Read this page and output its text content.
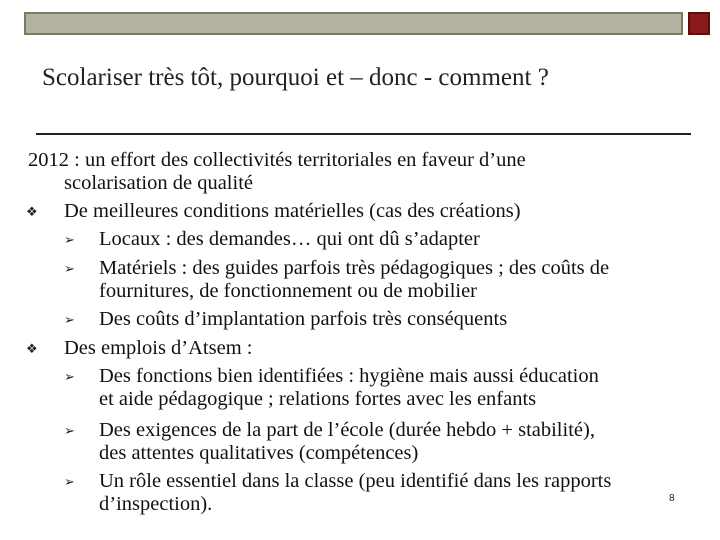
Scolariser très tôt, pourquoi et – donc - comment ?
2012 : un effort des collectivités territoriales en faveur d’une
scolarisation de qualité
❖ De meilleures conditions matérielles (cas des créations)
➢ Locaux : des demandes… qui ont dû s’adapter
➢ Matériels : des guides parfois très pédagogiques ; des coûts de
fournitures, de fonctionnement ou de mobilier
➢ Des coûts d’implantation parfois très conséquents
❖ Des emplois d’Atsem :
➢ Des fonctions bien identifiées : hygiène mais aussi éducation
et aide pédagogique ; relations fortes avec les enfants
➢ Des exigences de la part de l’école (durée hebdo + stabilité),
des attentes qualitatives (compétences)
➢ Un rôle essentiel dans la classe (peu identifié dans les rapports
d’inspection).	8
